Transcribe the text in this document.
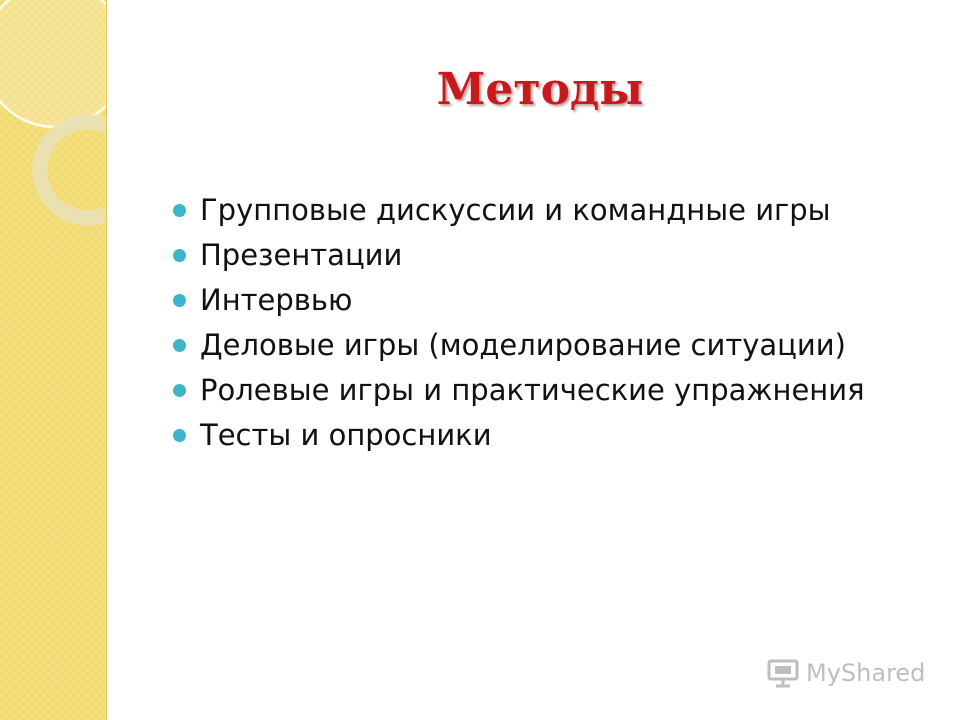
Методы
Групповые дискуссии и командные игры
Презентации
Интервью
Деловые игры (моделирование ситуации)
Ролевые игры и практические упражнения
Тесты и опросники
MyShared
